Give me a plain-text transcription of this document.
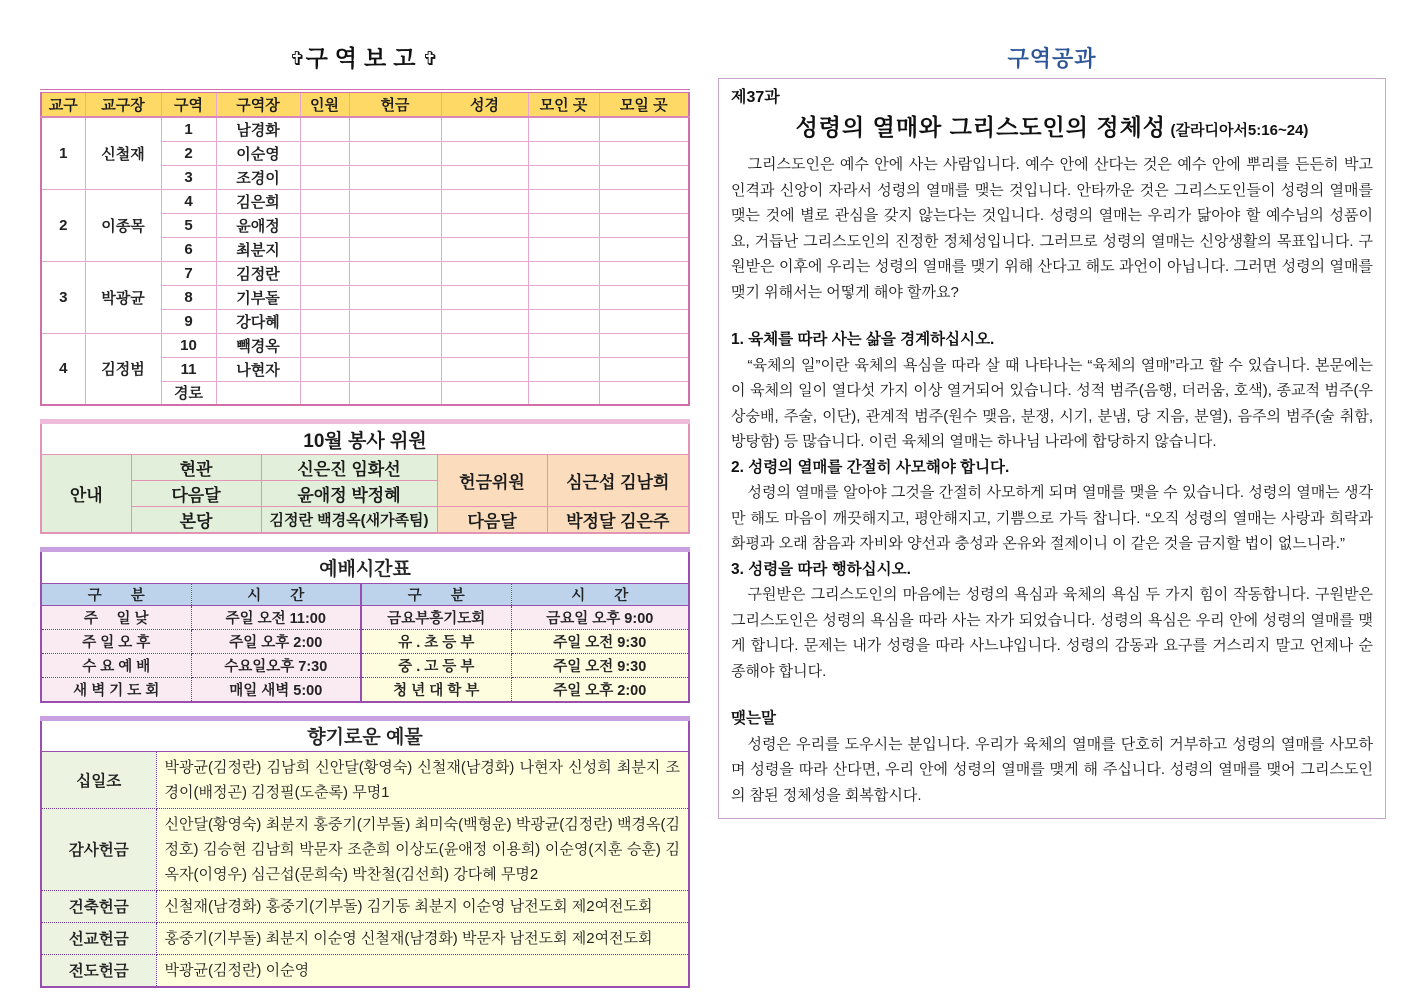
✞구역보고✞
교구	교구장	구역	구역장	인원	헌금	성경	모인 곳	모일 곳
1	신철재	1	남경화					
		2	이순영					
		3	조경이					
2	이종목	4	김은희					
		5	윤애정					
		6	최분지					
3	박광균	7	김정란					
		8	기부돌					
		9	강다혜					
4	김정범	10	빽경옥					
		11	나현자					
		경로						
10월 봉사 위원				
안내	현관	신은진 임화선	헌금위원	심근섭 김남희
	다음달	윤애정 박정혜		
	본당	김정란 백경옥(새가족팀)	다음달	박정달 김은주
예배시간표			
구　　분	시　　간	구　　분	시　　간
주　 일 낮	주일 오전 11:00	금요부흥기도회	금요일 오후 9:00
주 일 오 후	주일 오후 2:00	유 . 초 등 부	주일 오전 9:30
수 요 예 배	수요일오후 7:30	중 . 고 등 부	주일 오전 9:30
새 벽 기 도 회	매일 새벽 5:00	청 년 대 학 부	주일 오후 2:00
향기로운 예물	
십일조	박광균(김정란) 김남희 신안달(황영숙) 신철재(남경화) 나현자 신성희 최분지 조경이(배정곤) 김정필(도춘록) 무명1
감사헌금	신안달(황영숙) 최분지 홍중기(기부돌) 최미숙(백형운) 박광균(김정란) 백경옥(김정호) 김승현 김남희 박문자 조춘희 이상도(윤애정 이용희) 이순영(지훈 승훈) 김옥자(이영우) 심근섭(문희숙) 박찬철(김선희) 강다혜 무명2
건축헌금	신철재(남경화) 홍중기(기부돌) 김기동 최분지 이순영 남전도회 제2여전도회
선교헌금	홍중기(기부돌) 최분지 이순영 신철재(남경화) 박문자 남전도회 제2여전도회
전도헌금	박광균(김정란) 이순영
구역공과
제37과
성령의 열매와 그리스도인의 정체성 (갈라디아서5:16~24)

그리스도인은 예수 안에 사는 사람입니다. 예수 안에 산다는 것은 예수 안에 뿌리를 든든히 박고 인격과 신앙이 자라서 성령의 열매를 맺는 것입니다. 안타까운 것은 그리스도인들이 성령의 열매를 맺는 것에 별로 관심을 갖지 않는다는 것입니다. 성령의 열매는 우리가 닮아야 할 예수님의 성품이요, 거듭난 그리스도인의 진정한 정체성입니다. 그러므로 성령의 열매는 신앙생활의 목표입니다. 구원받은 이후에 우리는 성령의 열매를 맺기 위해 산다고 해도 과언이 아닙니다. 그러면 성령의 열매를 맺기 위해서는 어떻게 해야 할까요?

1. 육체를 따라 사는 삶을 경계하십시오.

“육체의 일”이란 육체의 욕심을 따라 살 때 나타나는 “육체의 열매”라고 할 수 있습니다. 본문에는 이 육체의 일이 열다섯 가지 이상 열거되어 있습니다. 성적 범주(음행, 더러움, 호색), 종교적 범주(우상숭배, 주술, 이단), 관계적 범주(원수 맺음, 분쟁, 시기, 분냄, 당 지음, 분열), 음주의 범주(술 취함, 방탕함) 등 많습니다. 이런 육체의 열매는 하나님 나라에 합당하지 않습니다.

2. 성령의 열매를 간절히 사모해야 합니다.

성령의 열매를 알아야 그것을 간절히 사모하게 되며 열매를 맺을 수 있습니다. 성령의 열매는 생각만 해도 마음이 깨끗해지고, 평안해지고, 기쁨으로 가득 찹니다. “오직 성령의 열매는 사랑과 희락과 화평과 오래 참음과 자비와 양선과 충성과 온유와 절제이니 이 같은 것을 금지할 법이 없느니라.”

3. 성령을 따라 행하십시오.

구원받은 그리스도인의 마음에는 성령의 욕심과 육체의 욕심 두 가지 힘이 작동합니다. 구원받은 그리스도인은 성령의 욕심을 따라 사는 자가 되었습니다. 성령의 욕심은 우리 안에 성령의 열매를 맺게 합니다. 문제는 내가 성령을 따라 사느냐입니다. 성령의 감동과 요구를 거스리지 말고 언제나 순종해야 합니다.

맺는말

성령은 우리를 도우시는 분입니다. 우리가 육체의 열매를 단호히 거부하고 성령의 열매를 사모하며 성령을 따라 산다면, 우리 안에 성령의 열매를 맺게 해 주십니다. 성령의 열매를 맺어 그리스도인의 참된 정체성을 회복합시다.
